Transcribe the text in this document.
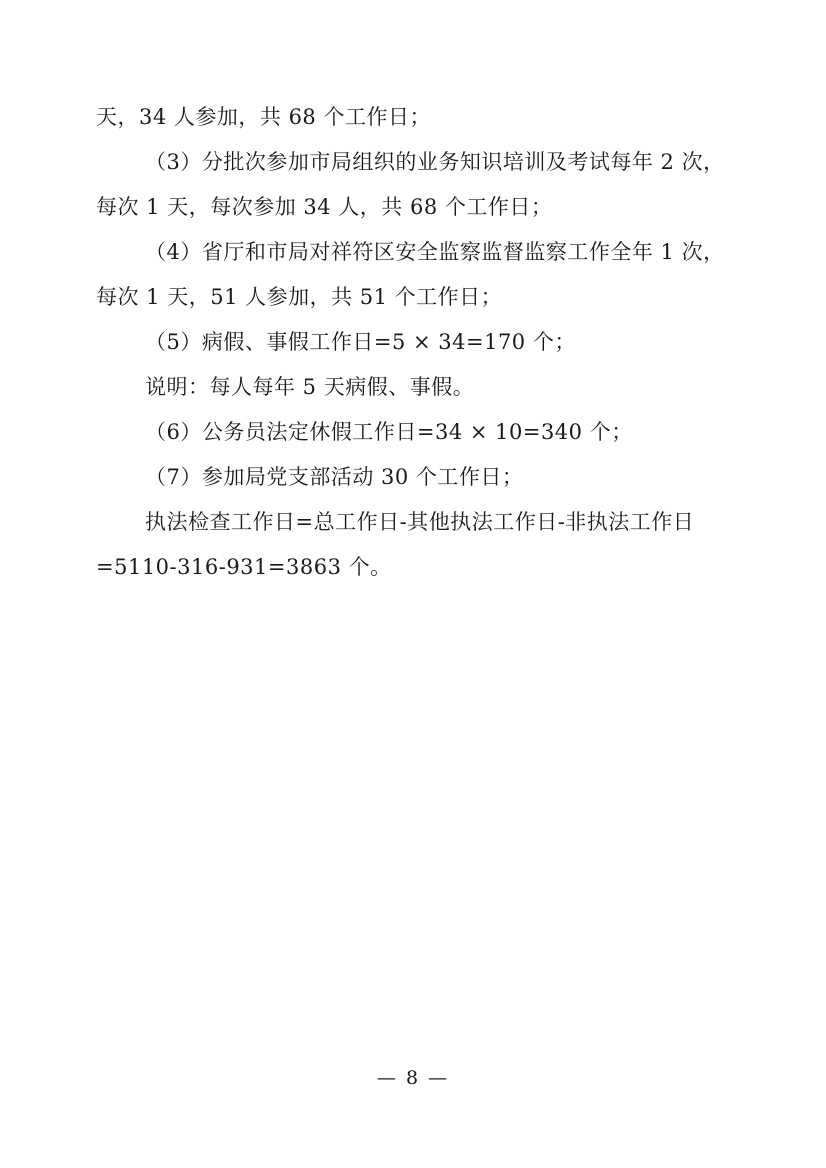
天，34 人参加，共 68 个工作日；
（3）分批次参加市局组织的业务知识培训及考试每年 2 次，
每次 1 天，每次参加 34 人，共 68 个工作日；
（4）省厅和市局对祥符区安全监察监督监察工作全年 1 次，
每次 1 天，51 人参加，共 51 个工作日；
（5）病假、事假工作日=5 × 34=170 个；
说明：每人每年 5 天病假、事假。
（6）公务员法定休假工作日=34 × 10=340 个；
（7）参加局党支部活动 30 个工作日；
执法检查工作日=总工作日-其他执法工作日-非执法工作日
=5110-316-931=3863 个。
— 8 —
